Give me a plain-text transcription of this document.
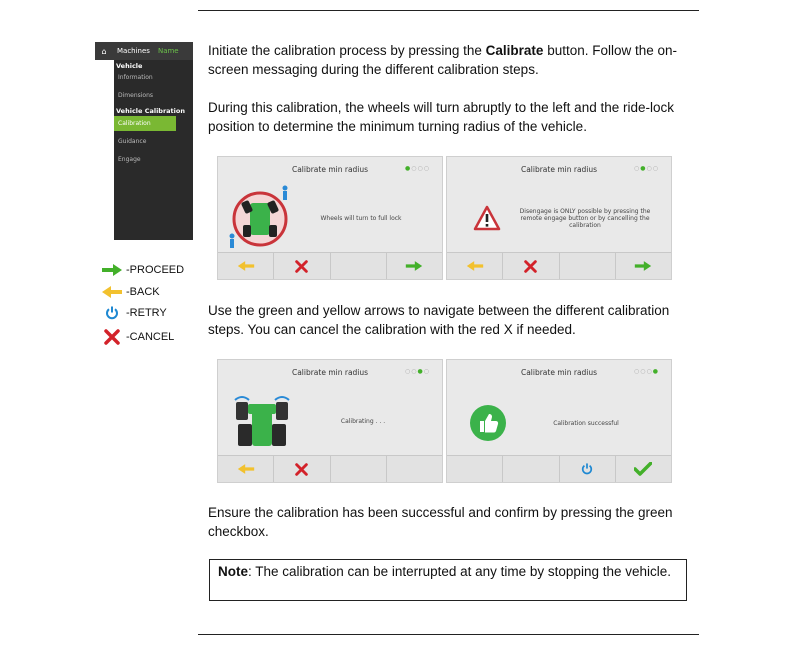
⌂	Machines Name
Vehicle
Information
Dimensions
Vehicle Calibration
Calibration
Guidance
Engage
-PROCEED
-BACK
-RETRY
-CANCEL
Initiate the calibration process by pressing the Calibrate button. Follow the on-screen messaging during the different calibration steps.
During this calibration, the wheels will turn abruptly to the left and the ride-lock position to determine the minimum turning radius of the vehicle.
Calibrate min radius	●○○○
Wheels will turn to full lock
Calibrate min radius	○●○○
Disengage is ONLY possible by pressing the remote engage button or by cancelling the calibration
Use the green and yellow arrows to navigate between the different calibration steps. You can cancel the calibration with the red X if needed.
Calibrate min radius	○○●○
Calibrating . . .
Calibrate min radius	○○○●
Calibration successful
Ensure the calibration has been successful and confirm by pressing the green checkbox.
Note: The calibration can be interrupted at any time by stopping the vehicle.
